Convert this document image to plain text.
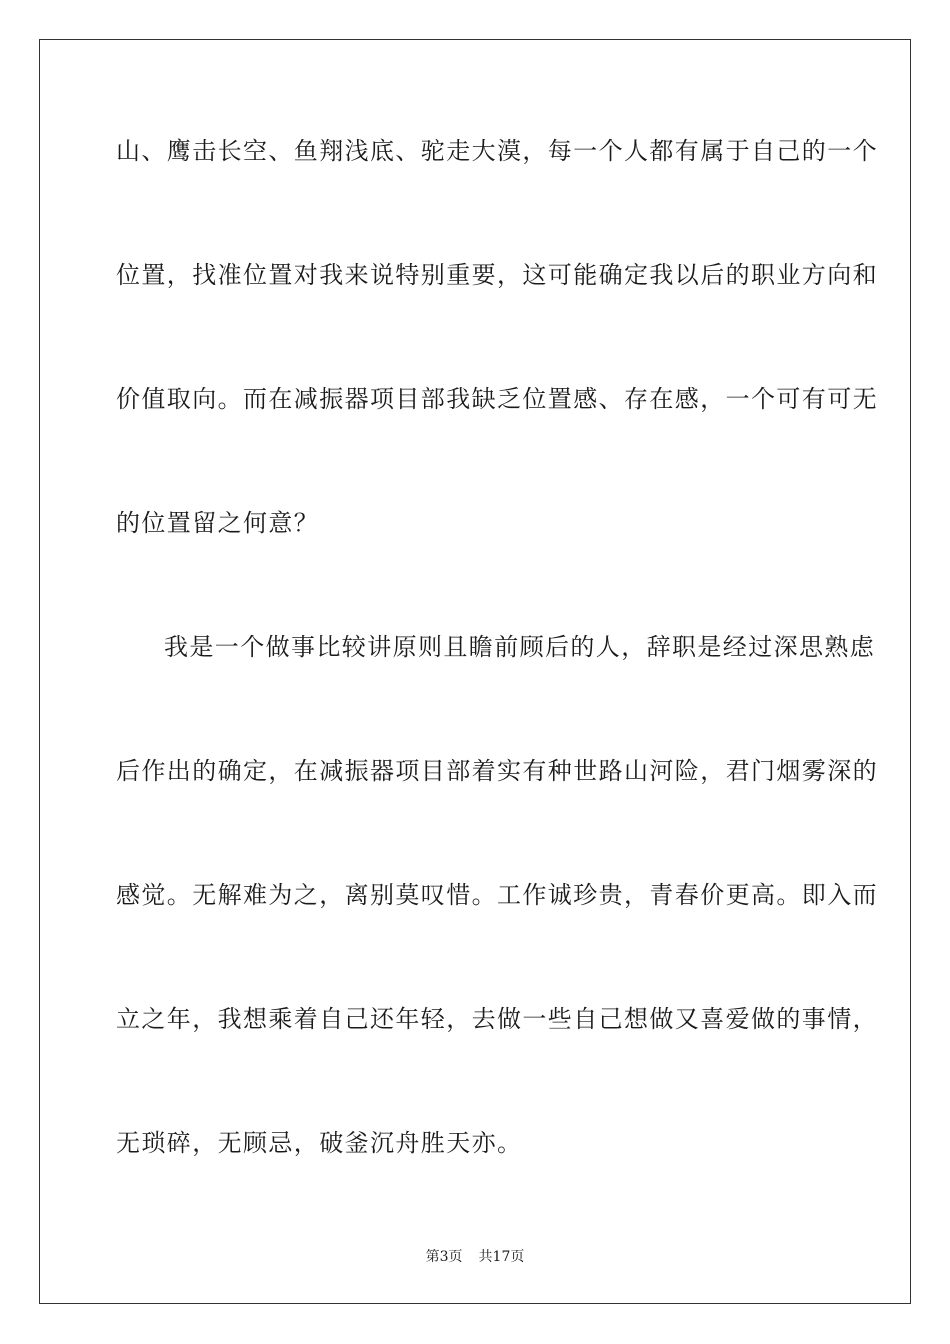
山、鹰击长空、鱼翔浅底、驼走大漠，每一个人都有属于自己的一个
位置，找准位置对我来说特别重要，这可能确定我以后的职业方向和
价值取向。而在减振器项目部我缺乏位置感、存在感，一个可有可无
的位置留之何意？
我是一个做事比较讲原则且瞻前顾后的人，辞职是经过深思熟虑
后作出的确定，在减振器项目部着实有种世路山河险，君门烟雾深的
感觉。无解难为之，离别莫叹惜。工作诚珍贵，青春价更高。即入而
立之年，我想乘着自己还年轻，去做一些自己想做又喜爱做的事情，
无琐碎，无顾忌，破釜沉舟胜天亦。
第3页 共17页
